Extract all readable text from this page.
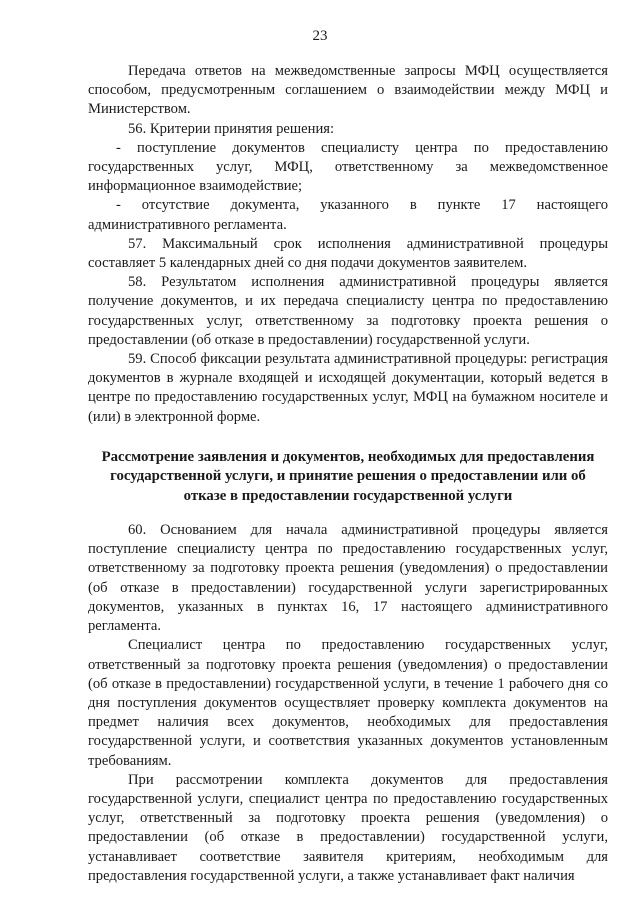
23

Передача ответов на межведомственные запросы МФЦ осуществляется способом, предусмотренным соглашением о взаимодействии между МФЦ и Министерством.

56. Критерии принятия решения:

- поступление документов специалисту центра по предоставлению государственных услуг, МФЦ, ответственному за межведомственное информационное взаимодействие;

- отсутствие документа, указанного в пункте 17 настоящего административного регламента.

57. Максимальный срок исполнения административной процедуры составляет 5 календарных дней со дня подачи документов заявителем.

58. Результатом исполнения административной процедуры является получение документов, и их передача специалисту центра по предоставлению государственных услуг, ответственному за подготовку проекта решения о предоставлении (об отказе в предоставлении) государственной услуги.

59. Способ фиксации результата административной процедуры: регистрация документов в журнале входящей и исходящей документации, который ведется в центре по предоставлению государственных услуг, МФЦ на бумажном носителе и (или) в электронной форме.

Рассмотрение заявления и документов, необходимых для предоставления государственной услуги, и принятие решения о предоставлении или об отказе в предоставлении государственной услуги

60. Основанием для начала административной процедуры является поступление специалисту центра по предоставлению государственных услуг, ответственному за подготовку проекта решения (уведомления) о предоставлении (об отказе в предоставлении) государственной услуги зарегистрированных документов, указанных в пунктах 16, 17 настоящего административного регламента.

Специалист центра по предоставлению государственных услуг, ответственный за подготовку проекта решения (уведомления) о предоставлении (об отказе в предоставлении) государственной услуги, в течение 1 рабочего дня со дня поступления документов осуществляет проверку комплекта документов на предмет наличия всех документов, необходимых для предоставления государственной услуги, и соответствия указанных документов установленным требованиям.

При рассмотрении комплекта документов для предоставления государственной услуги, специалист центра по предоставлению государственных услуг, ответственный за подготовку проекта решения (уведомления) о предоставлении (об отказе в предоставлении) государственной услуги, устанавливает соответствие заявителя критериям, необходимым для предоставления государственной услуги, а также устанавливает факт наличия
